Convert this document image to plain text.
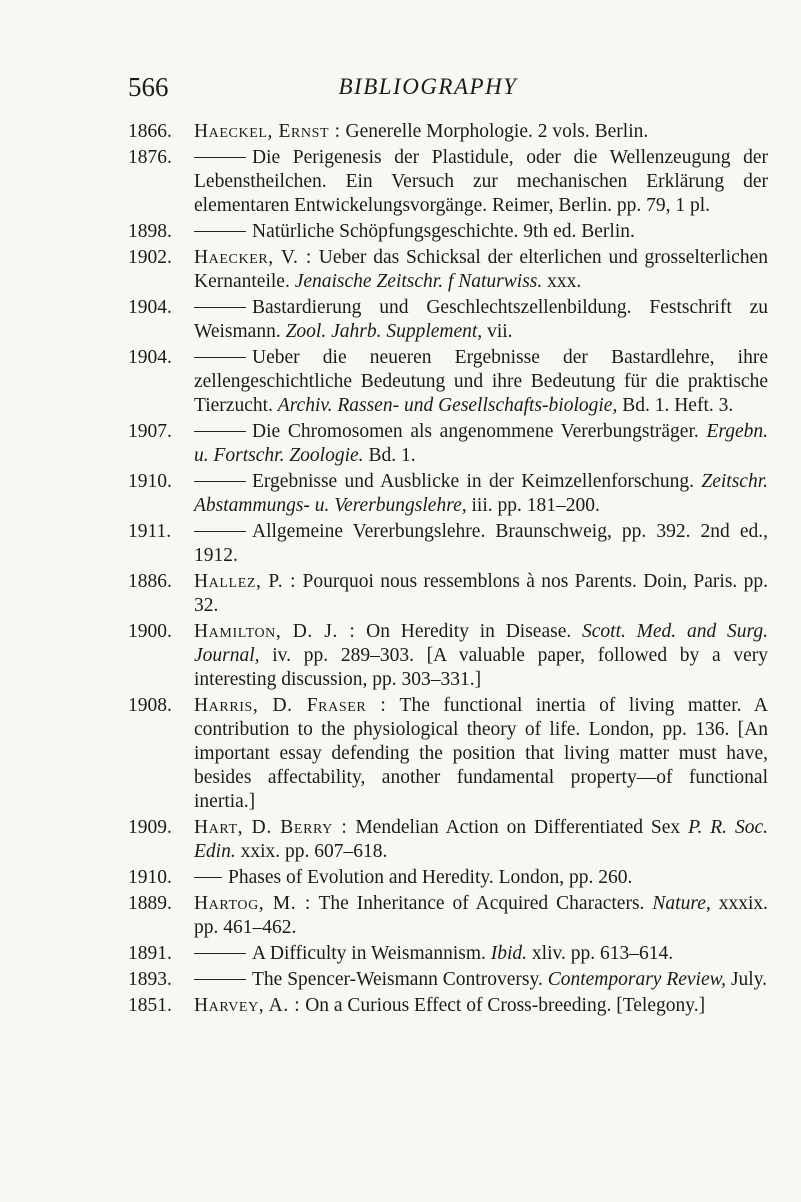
566	BIBLIOGRAPHY
1866.	Haeckel, Ernst : Generelle Morphologie. 2 vols. Berlin.
1876.	Die Perigenesis der Plastidule, oder die Wellenzeugung der Lebenstheilchen. Ein Versuch zur mechanischen Erklärung der elementaren Entwickelungsvorgänge. Reimer, Berlin. pp. 79, 1 pl.
1898.	Natürliche Schöpfungsgeschichte. 9th ed. Berlin.
1902.	Haecker, V. : Ueber das Schicksal der elterlichen und grosselterlichen Kernanteile. Jenaische Zeitschr. f Naturwiss. xxx.
1904.	Bastardierung und Geschlechtszellenbildung. Festschrift zu Weismann. Zool. Jahrb. Supplement, vii.
1904.	Ueber die neueren Ergebnisse der Bastardlehre, ihre zellengeschichtliche Bedeutung und ihre Bedeutung für die praktische Tierzucht. Archiv. Rassen- und Gesellschafts-biologie, Bd. 1. Heft. 3.
1907.	Die Chromosomen als angenommene Vererbungsträger. Ergebn. u. Fortschr. Zoologie. Bd. 1.
1910.	Ergebnisse und Ausblicke in der Keimzellenforschung. Zeitschr. Abstammungs- u. Vererbungslehre, iii. pp. 181–200.
1911.	Allgemeine Vererbungslehre. Braunschweig, pp. 392. 2nd ed., 1912.
1886.	Hallez, P. : Pourquoi nous ressemblons à nos Parents. Doin, Paris. pp. 32.
1900.	Hamilton, D. J. : On Heredity in Disease. Scott. Med. and Surg. Journal, iv. pp. 289–303. [A valuable paper, followed by a very interesting discussion, pp. 303–331.]
1908.	Harris, D. Fraser : The functional inertia of living matter. A contribution to the physiological theory of life. London, pp. 136. [An important essay defending the position that living matter must have, besides affectability, another fundamental property—of functional inertia.]
1909.	Hart, D. Berry : Mendelian Action on Differentiated Sex P. R. Soc. Edin. xxix. pp. 607–618.
1910.	Phases of Evolution and Heredity. London, pp. 260.
1889.	Hartog, M. : The Inheritance of Acquired Characters. Nature, xxxix. pp. 461–462.
1891.	A Difficulty in Weismannism. Ibid. xliv. pp. 613–614.
1893.	The Spencer-Weismann Controversy. Contemporary Review, July.
1851.	Harvey, A. : On a Curious Effect of Cross-breeding. [Telegony.]
